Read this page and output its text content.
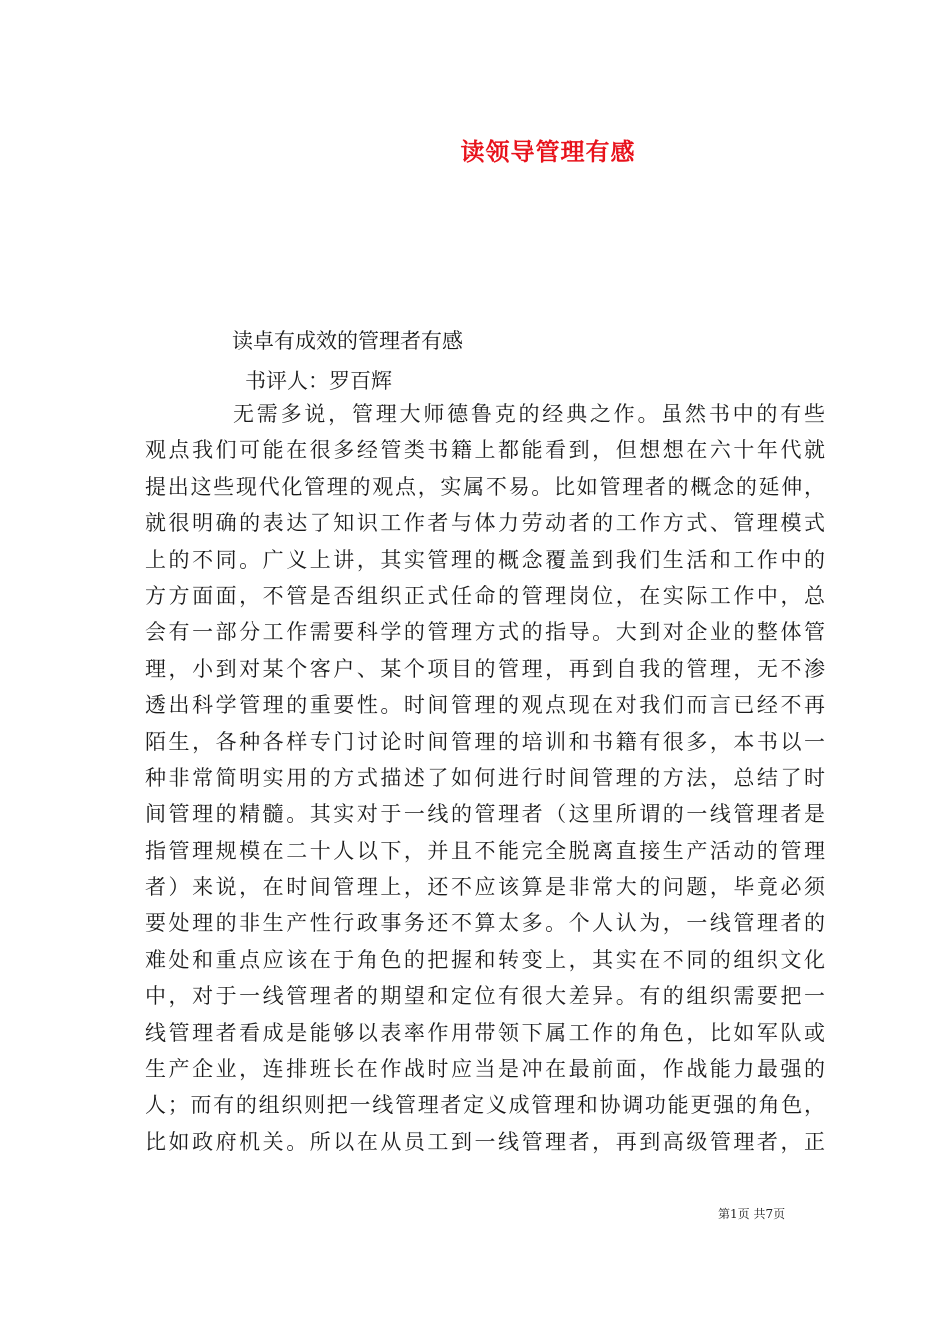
读领导管理有感

读卓有成效的管理者有感

书评人：罗百辉

无需多说，管理大师德鲁克的经典之作。虽然书中的有些
观点我们可能在很多经管类书籍上都能看到，但想想在六十年代就
提出这些现代化管理的观点，实属不易。比如管理者的概念的延伸，
就很明确的表达了知识工作者与体力劳动者的工作方式、管理模式
上的不同。广义上讲，其实管理的概念覆盖到我们生活和工作中的
方方面面，不管是否组织正式任命的管理岗位，在实际工作中，总
会有一部分工作需要科学的管理方式的指导。大到对企业的整体管
理，小到对某个客户、某个项目的管理，再到自我的管理，无不渗
透出科学管理的重要性。时间管理的观点现在对我们而言已经不再
陌生，各种各样专门讨论时间管理的培训和书籍有很多，本书以一
种非常简明实用的方式描述了如何进行时间管理的方法，总结了时
间管理的精髓。其实对于一线的管理者（这里所谓的一线管理者是
指管理规模在二十人以下，并且不能完全脱离直接生产活动的管理
者）来说，在时间管理上，还不应该算是非常大的问题，毕竟必须
要处理的非生产性行政事务还不算太多。个人认为，一线管理者的
难处和重点应该在于角色的把握和转变上，其实在不同的组织文化
中，对于一线管理者的期望和定位有很大差异。有的组织需要把一
线管理者看成是能够以表率作用带领下属工作的角色，比如军队或
生产企业，连排班长在作战时应当是冲在最前面，作战能力最强的
人；而有的组织则把一线管理者定义成管理和协调功能更强的角色，
比如政府机关。所以在从员工到一线管理者，再到高级管理者，正

第1页 共7页
